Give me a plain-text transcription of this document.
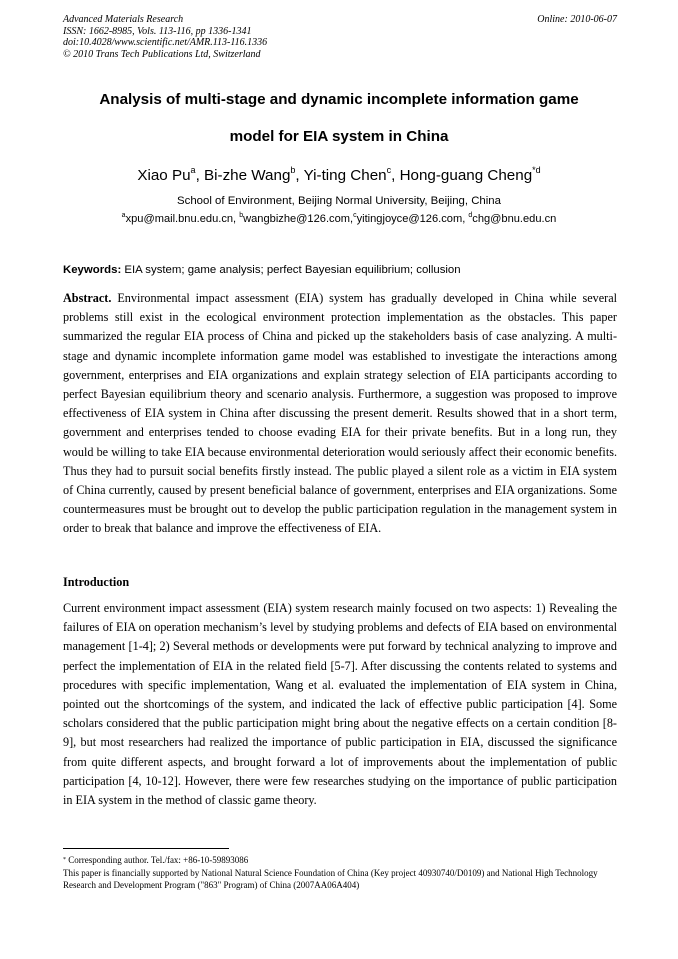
Advanced Materials Research	Online: 2010-06-07
ISSN: 1662-8985, Vols. 113-116, pp 1336-1341
doi:10.4028/www.scientific.net/AMR.113-116.1336
© 2010 Trans Tech Publications Ltd, Switzerland
Analysis of multi-stage and dynamic incomplete information game
model for EIA system in China
Xiao Pu$^a$, Bi-zhe Wang$^b$, Yi-ting Chen$^c$, Hong-guang Cheng$^{*d}$
School of Environment, Beijing Normal University, Beijing, China
$^a$xpu@mail.bnu.edu.cn, $^b$wangbizhe@126.com,$^c$yitingjoyce@126.com, $^d$chg@bnu.edu.cn
Keywords: EIA system; game analysis; perfect Bayesian equilibrium; collusion

Abstract. Environmental impact assessment (EIA) system has gradually developed in China while several problems still exist in the ecological environment protection implementation as the obstacles. This paper summarized the regular EIA process of China and picked up the stakeholders basis of case analyzing. A multi-stage and dynamic incomplete information game model was established to investigate the interactions among government, enterprises and EIA organizations and explain strategy selection of EIA participants according to perfect Bayesian equilibrium theory and scenario analysis. Furthermore, a suggestion was proposed to improve effectiveness of EIA system in China after discussing the present demerit. Results showed that in a short term, government and enterprises tended to choose evading EIA for their private benefits. But in a long run, they would be willing to take EIA because environmental deterioration would seriously affect their economic benefits. Thus they had to pursuit social benefits firstly instead. The public played a silent role as a victim in EIA system of China currently, caused by present beneficial balance of government, enterprises and EIA organizations. Some countermeasures must be brought out to develop the public participation regulation in the management system in order to break that balance and improve the effectiveness of EIA.

Introduction

Current environment impact assessment (EIA) system research mainly focused on two aspects: 1) Revealing the failures of EIA on operation mechanism’s level by studying problems and defects of EIA based on environmental management [1-4]; 2) Several methods or developments were put forward by technical analyzing to improve and perfect the implementation of EIA in the related field [5-7]. After discussing the contents related to systems and procedures with specific implementation, Wang et al. evaluated the implementation of EIA system in China, pointed out the shortcomings of the system, and indicated the lack of effective public participation [4]. Some scholars considered that the public participation might bring about the negative effects on a certain condition [8-9], but most researchers had realized the importance of public participation in EIA, discussed the significance from quite different aspects, and brought forward a lot of improvements about the implementation of public participation [4, 10-12]. However, there were few researches studying on the importance of public participation in EIA system in the method of classic game theory.

* Corresponding author. Tel./fax: +86-10-59893086
This paper is financially supported by National Natural Science Foundation of China (Key project 40930740/D0109) and National High Technology Research and Development Program ("863" Program) of China (2007AA06A404)
